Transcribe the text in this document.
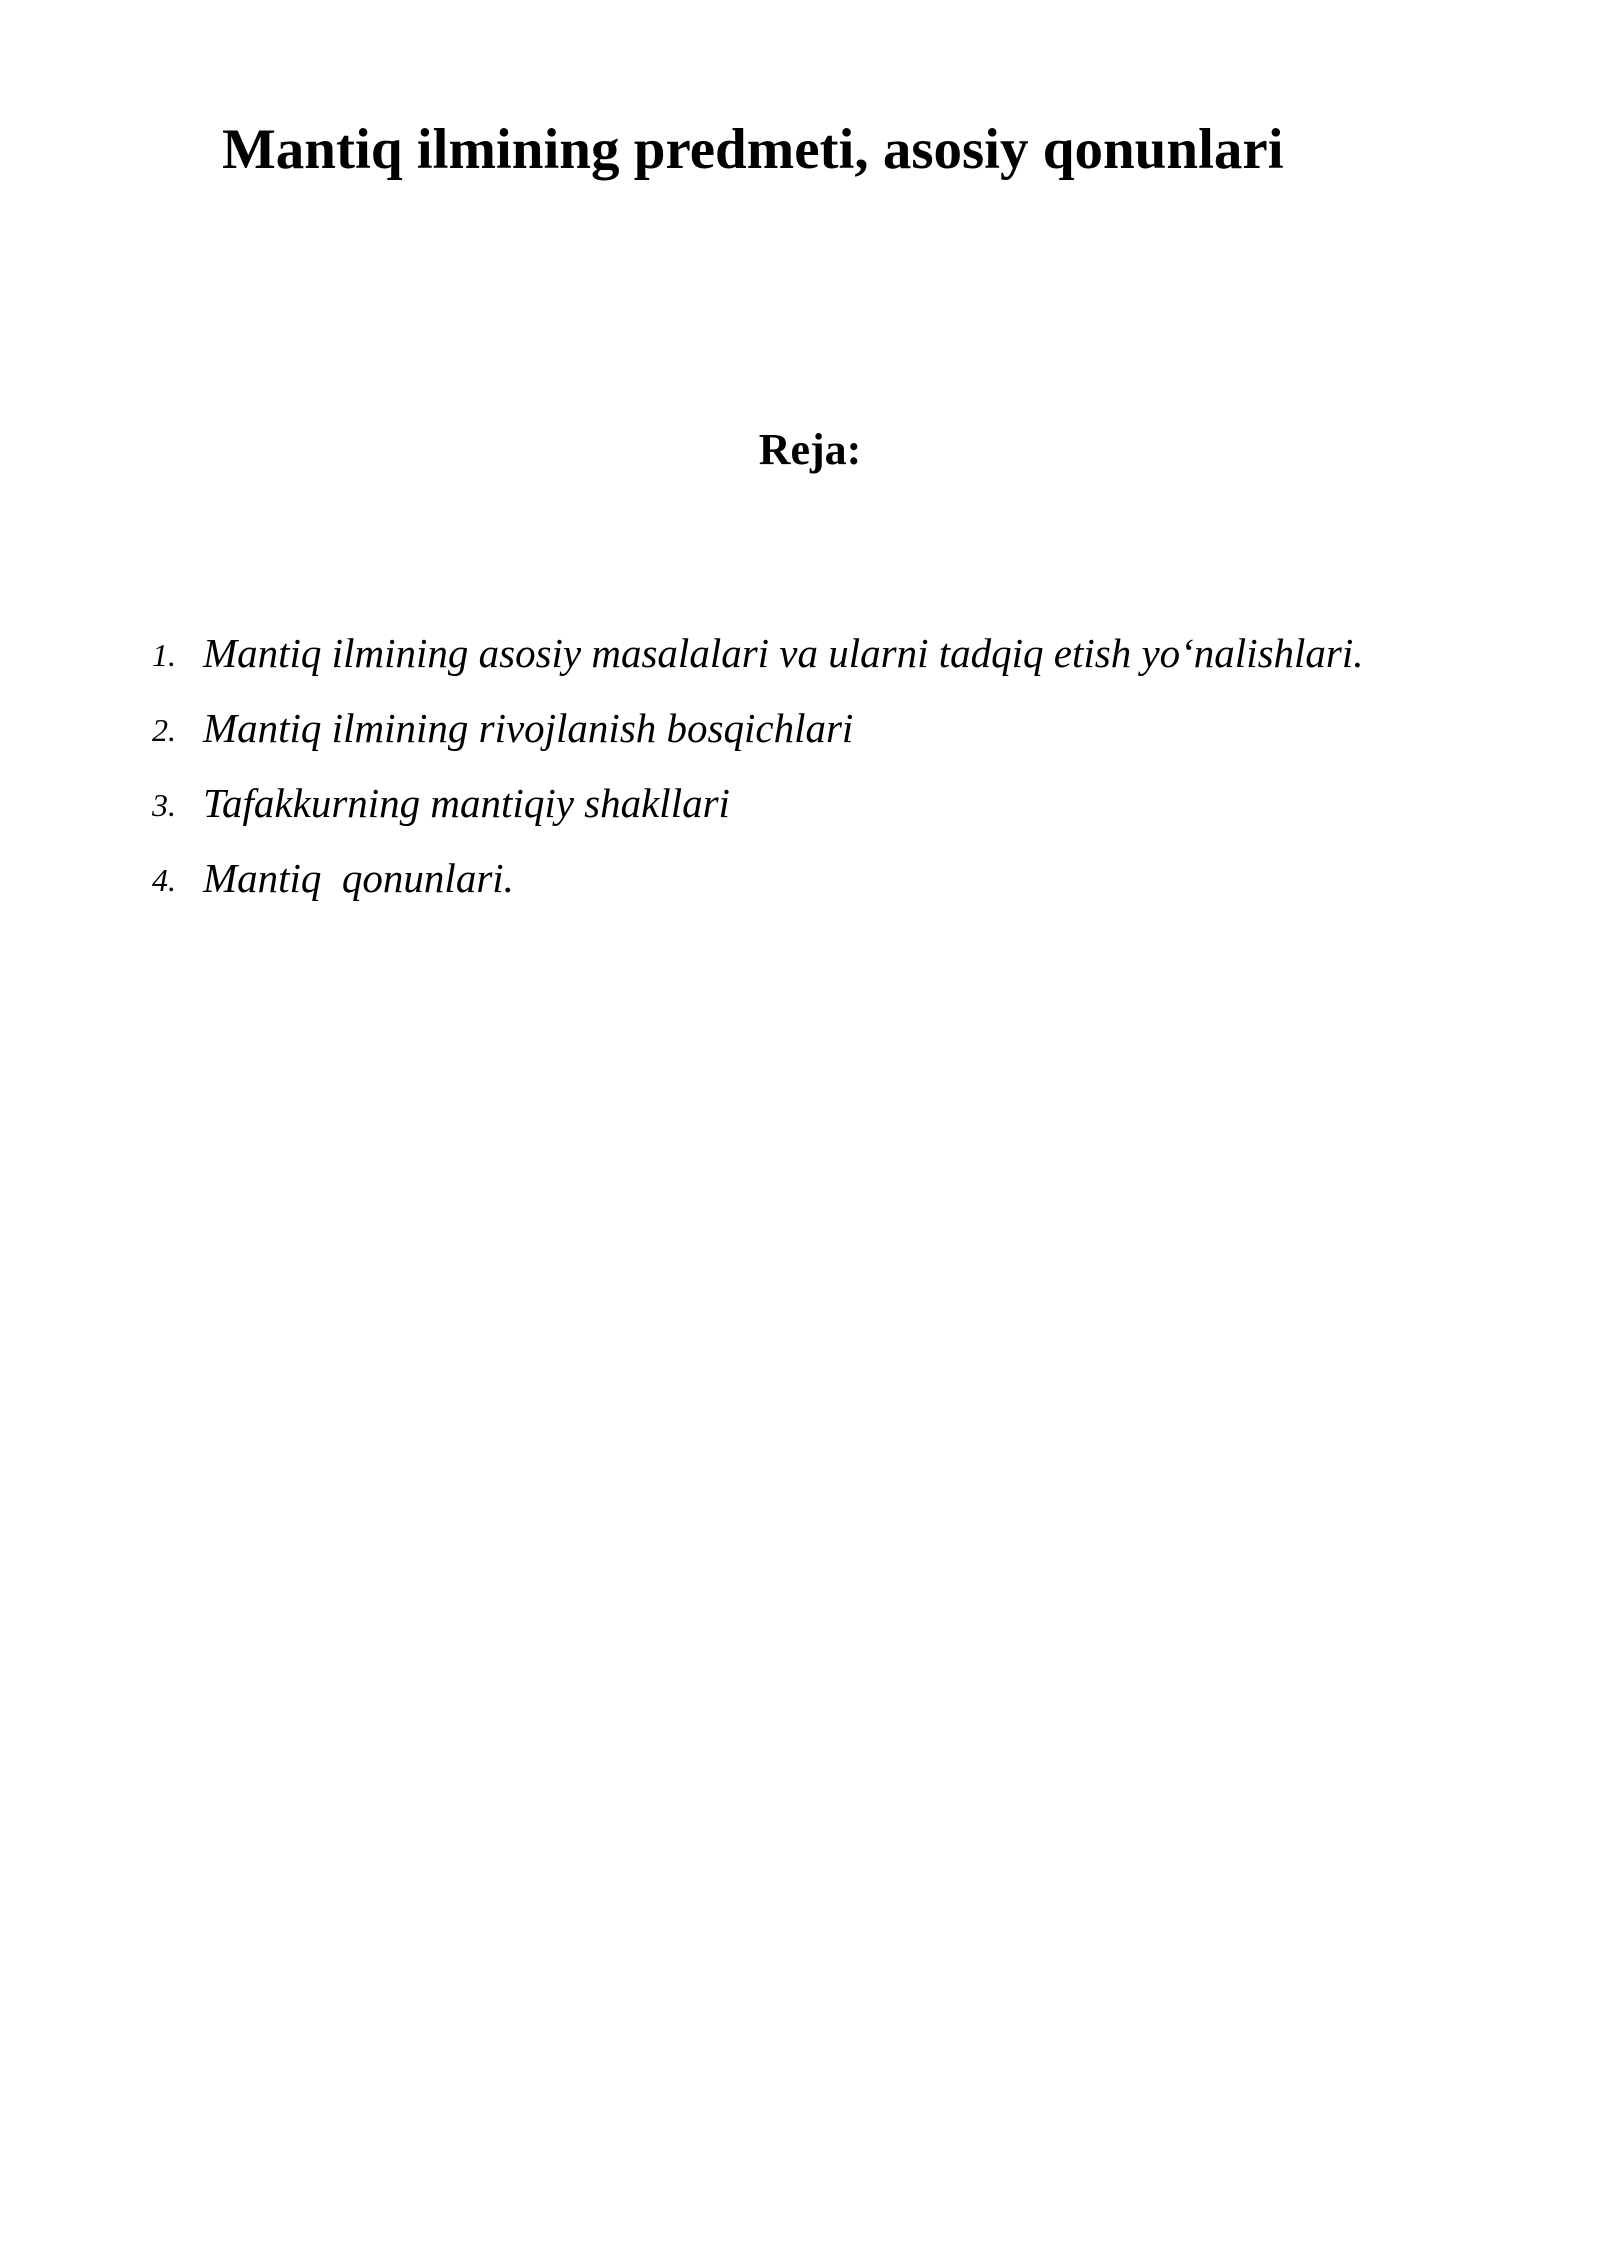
Mantiq ilmining predmeti, asosiy qonunlari
Reja:
1. Mantiq ilmining asosiy masalalari va ularni tadqiq etish yo‘nalishlari.
2. Mantiq ilmining rivojlanish bosqichlari
3. Tafakkurning mantiqiy shakllari
4. Mantiq  qonunlari.
